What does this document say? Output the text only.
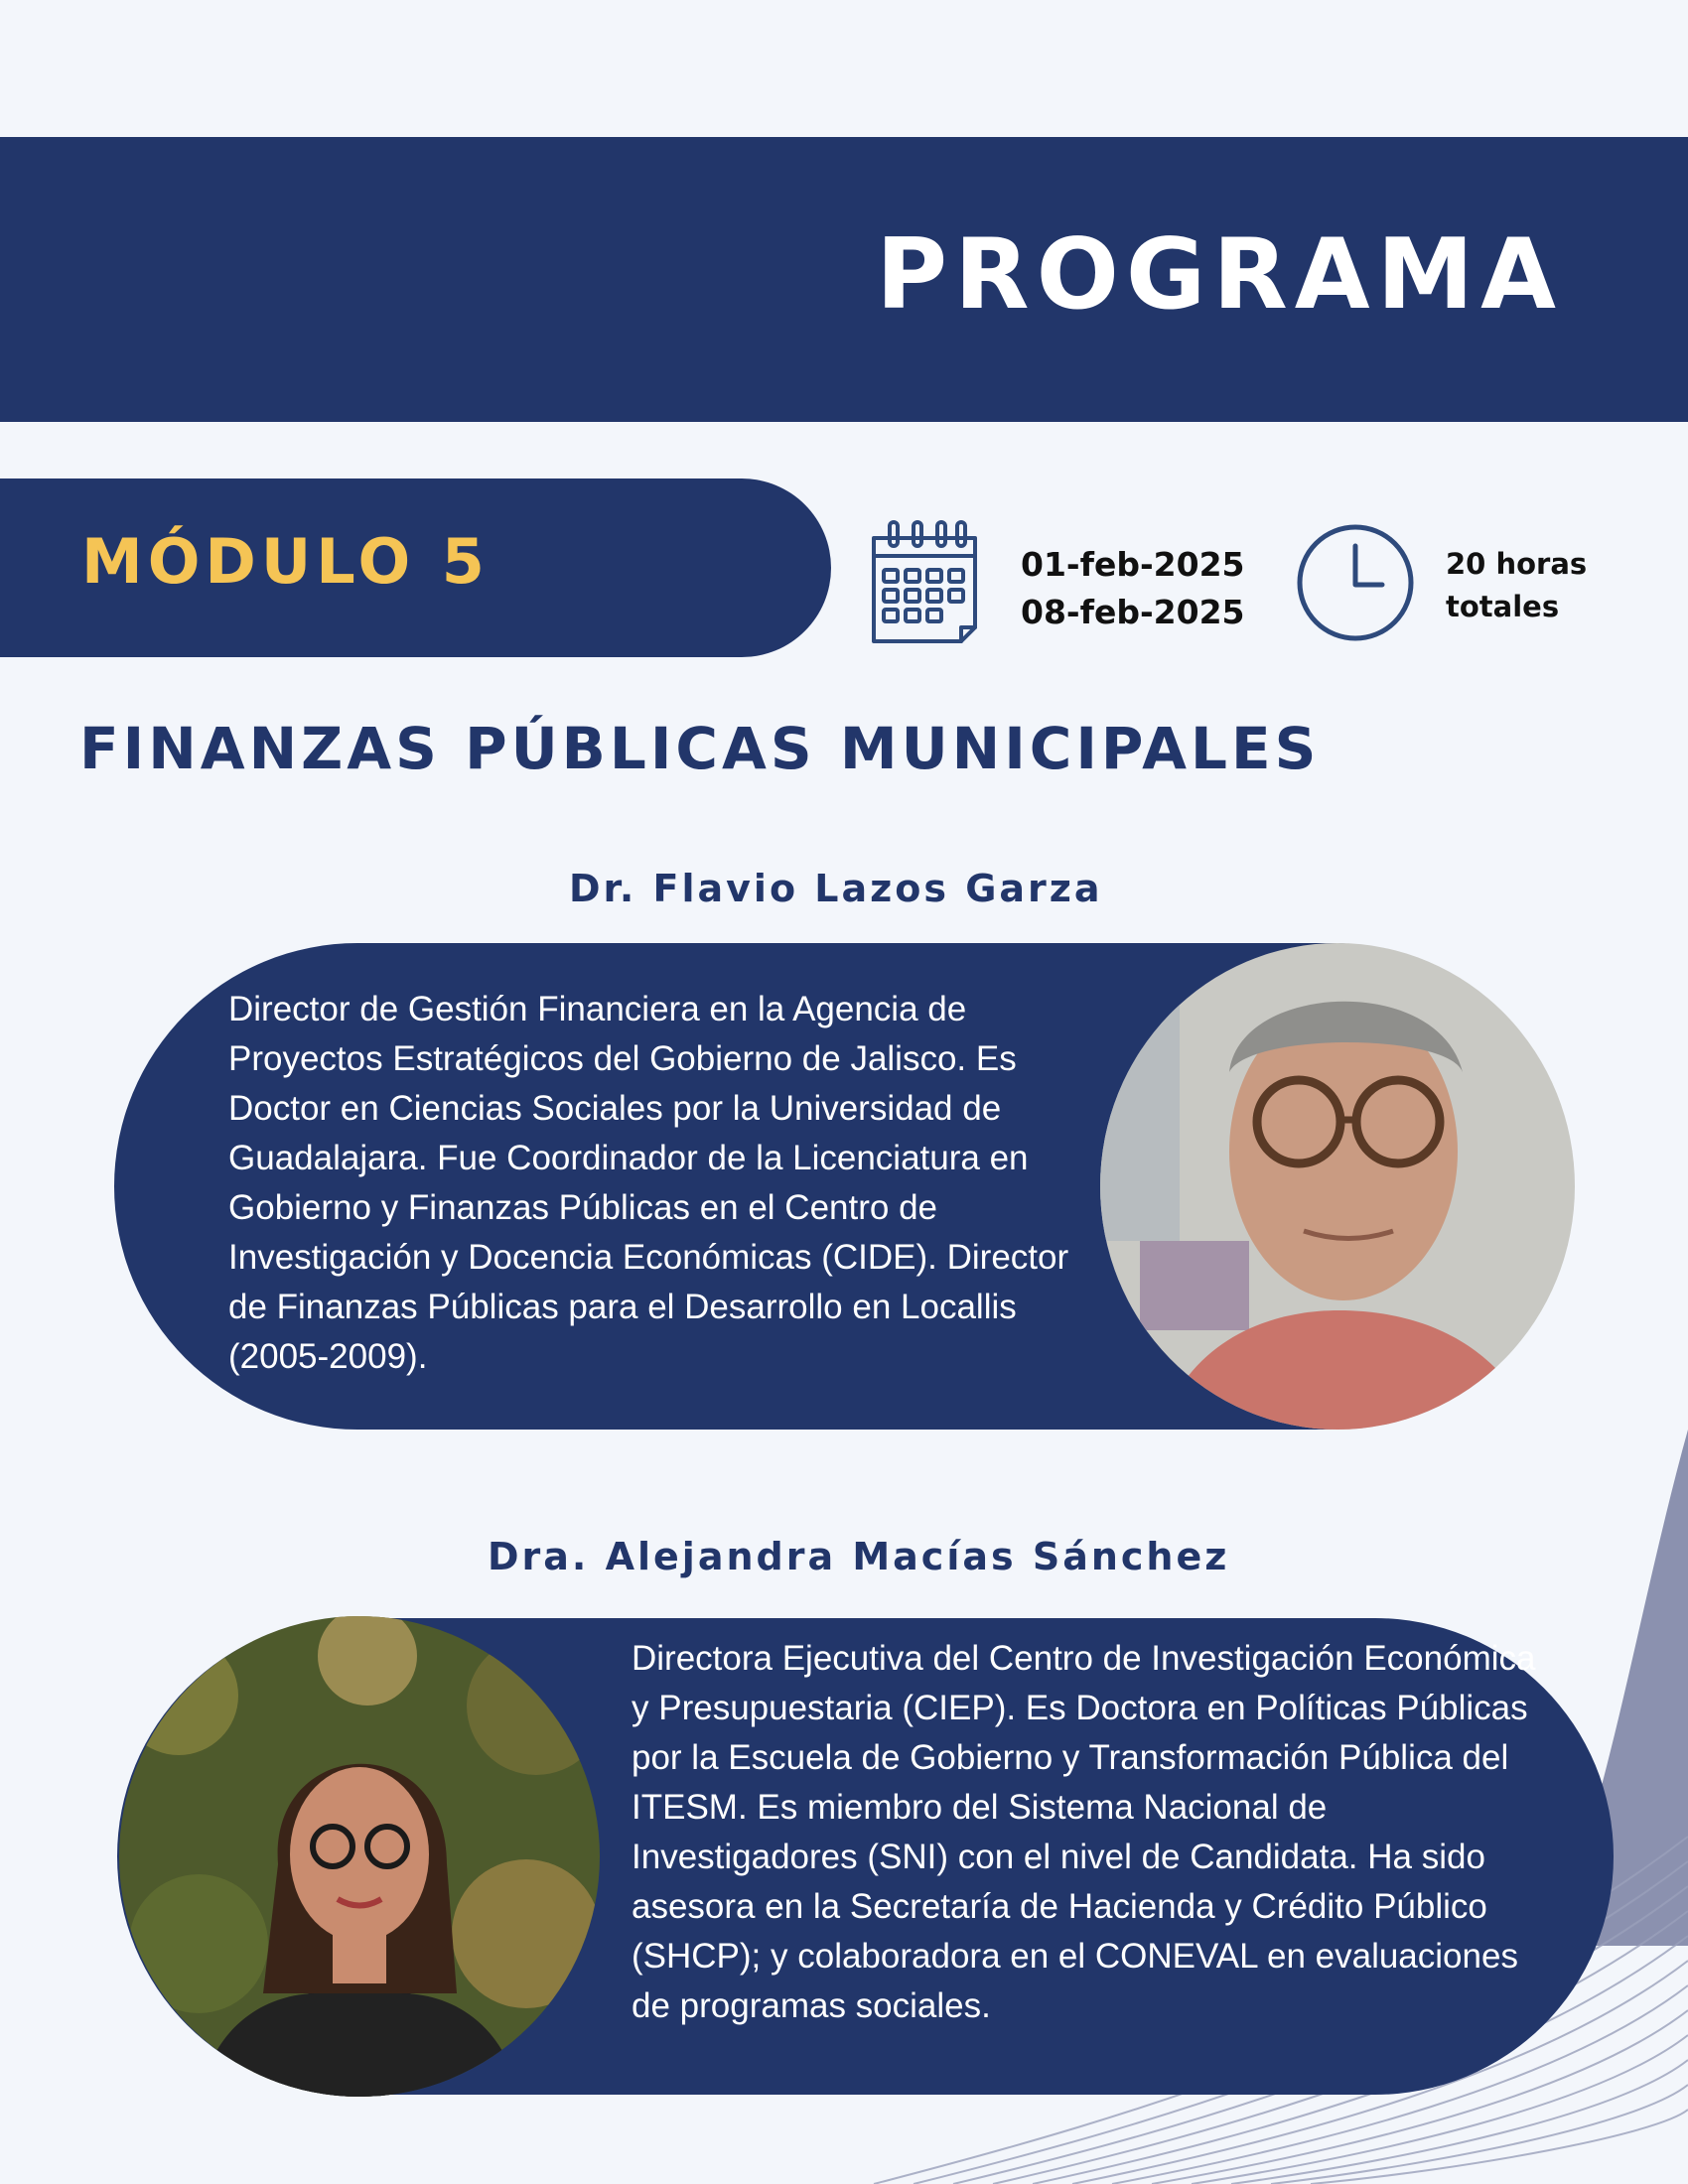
PROGRAMA
MÓDULO 5	01-feb-2025
08-feb-2025
20 horas
totales
FINANZAS PÚBLICAS MUNICIPALES
Dr. Flavio Lazos Garza

Director de Gestión Financiera en la Agencia de Proyectos Estratégicos del Gobierno de Jalisco. Es Doctor en Ciencias Sociales por la Universidad de Guadalajara. Fue Coordinador de la Licenciatura en Gobierno y Finanzas Públicas en el Centro de Investigación y Docencia Económicas (CIDE). Director de Finanzas Públicas para el Desarrollo en Locallis (2005-2009).

Dra. Alejandra Macías Sánchez

Directora Ejecutiva del Centro de Investigación Económica y Presupuestaria (CIEP). Es Doctora en Políticas Públicas por la Escuela de Gobierno y Transformación Pública del ITESM. Es miembro del Sistema Nacional de Investigadores (SNI) con el nivel de Candidata. Ha sido asesora en la Secretaría de Hacienda y Crédito Público (SHCP); y colaboradora en el CONEVAL en evaluaciones de programas sociales.
